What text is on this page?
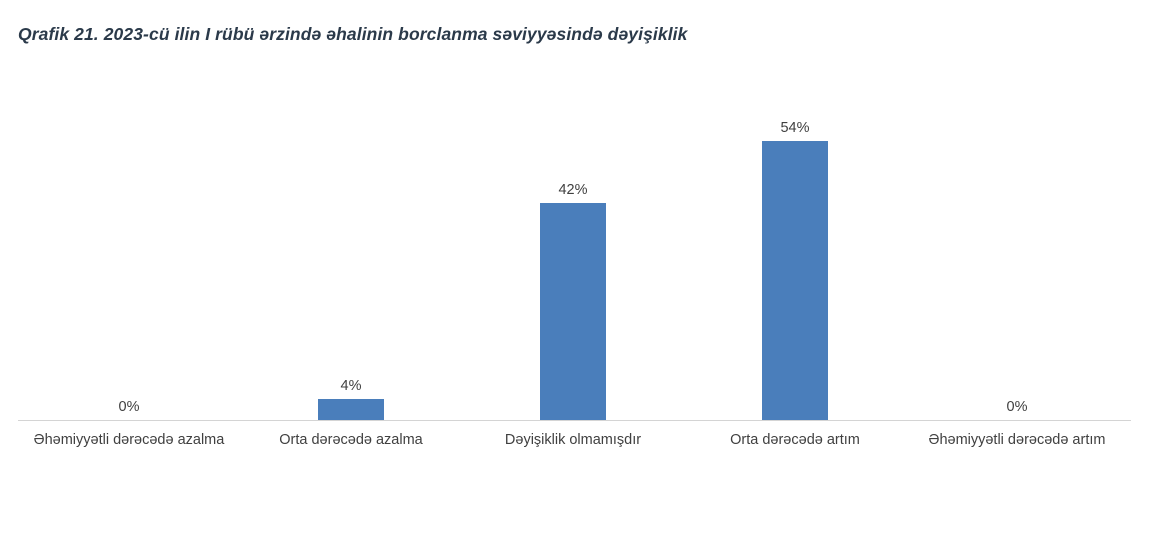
Qrafik 21. 2023-cü ilin I rübü ərzində əhalinin borclanma səviyyəsində dəyişiklik
0%
4%
42%
54%
0%
Əhəmiyyətli dərəcədə azalma	Orta dərəcədə azalma	Dəyişiklik olmamışdır	Orta dərəcədə artım	Əhəmiyyətli dərəcədə artım
